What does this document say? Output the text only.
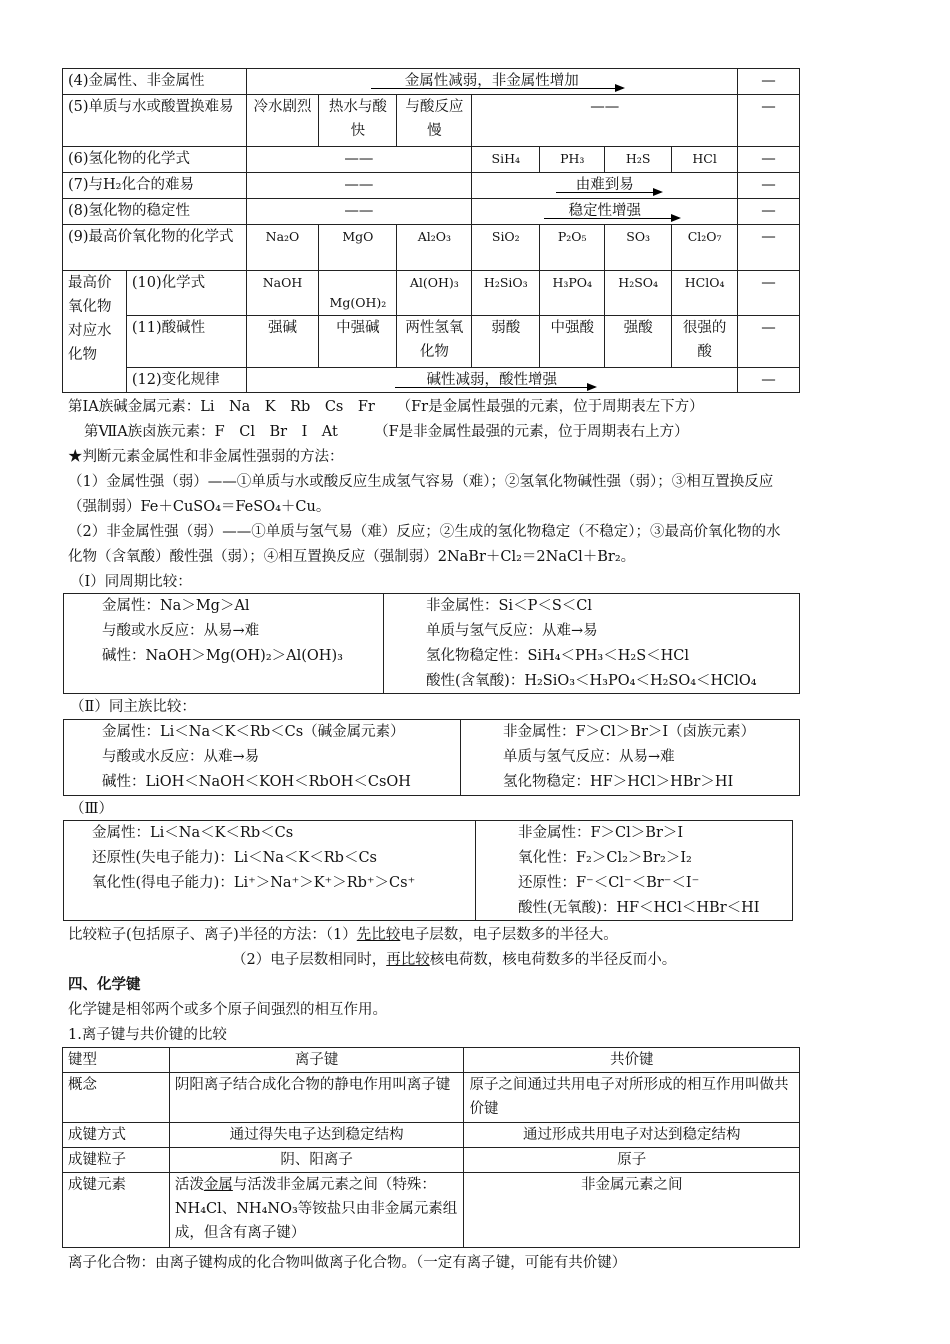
(4)金属性、非金属性		金属性减弱，非金属性增加							—
(5)单质与水或酸置换难易		冷水剧烈	热水与酸快	与酸反应慢	——				—
(6)氢化物的化学式		——			SiH₄	PH₃	H₂S	HCl	—
(7)与H₂化合的难易		——			由难到易				—
(8)氢化物的稳定性		——			稳定性增强				—
(9)最高价氧化物的化学式		Na₂O	MgO	Al₂O₃	SiO₂	P₂O₅	SO₃	Cl₂O₇	—
最高价氧化物对应水化物	(10)化学式	NaOH	Mg(OH)₂	Al(OH)₃	H₂SiO₃	H₃PO₄	H₂SO₄	HClO₄	—
	(11)酸碱性	强碱	中强碱	两性氢氧化物	弱酸	中强酸	强酸	很强的酸	—
	(12)变化规律	碱性减弱，酸性增强							—
第ⅠA族碱金属元素：Li　Na　K　Rb　Cs　Fr　　（Fr是金属性最强的元素，位于周期表左下方）
第ⅦA族卤族元素：F　Cl　Br　I　At　　　（F是非金属性最强的元素，位于周期表右上方）
★判断元素金属性和非金属性强弱的方法：
（1）金属性强（弱）——①单质与水或酸反应生成氢气容易（难）；②氢氧化物碱性强（弱）；③相互置换反应
（强制弱）Fe＋CuSO₄＝FeSO₄＋Cu。
（2）非金属性强（弱）——①单质与氢气易（难）反应；②生成的氢化物稳定（不稳定）；③最高价氧化物的水
化物（含氧酸）酸性强（弱）；④相互置换反应（强制弱）2NaBr＋Cl₂＝2NaCl＋Br₂。
（Ⅰ）同周期比较：
金属性：Na＞Mg＞Al
与酸或水反应：从易→难
碱性：NaOH＞Mg(OH)₂＞Al(OH)₃
非金属性：Si＜P＜S＜Cl
单质与氢气反应：从难→易
氢化物稳定性：SiH₄＜PH₃＜H₂S＜HCl
酸性(含氧酸)：H₂SiO₃＜H₃PO₄＜H₂SO₄＜HClO₄
（Ⅱ）同主族比较：
金属性：Li＜Na＜K＜Rb＜Cs（碱金属元素）
与酸或水反应：从难→易
碱性：LiOH＜NaOH＜KOH＜RbOH＜CsOH
非金属性：F＞Cl＞Br＞I（卤族元素）
单质与氢气反应：从易→难
氢化物稳定：HF＞HCl＞HBr＞HI
（Ⅲ）
金属性：Li＜Na＜K＜Rb＜Cs
还原性(失电子能力)：Li＜Na＜K＜Rb＜Cs
氧化性(得电子能力)：Li⁺＞Na⁺＞K⁺＞Rb⁺＞Cs⁺
非金属性：F＞Cl＞Br＞I
氧化性：F₂＞Cl₂＞Br₂＞I₂
还原性：F⁻＜Cl⁻＜Br⁻＜I⁻
酸性(无氧酸)：HF＜HCl＜HBr＜HI
比较粒子(包括原子、离子)半径的方法：（1）先比较电子层数，电子层数多的半径大。
（2）电子层数相同时，再比较核电荷数，核电荷数多的半径反而小。
四、化学键
化学键是相邻两个或多个原子间强烈的相互作用。
1.离子键与共价键的比较
键型	离子键	共价键
概念	阴阳离子结合成化合物的静电作用叫离子键	原子之间通过共用电子对所形成的相互作用叫做共价键
成键方式	通过得失电子达到稳定结构	通过形成共用电子对达到稳定结构
成键粒子	阴、阳离子	原子
成键元素	活泼金属与活泼非金属元素之间（特殊：NH₄Cl、NH₄NO₃等铵盐只由非金属元素组成，但含有离子键）	非金属元素之间
离子化合物：由离子键构成的化合物叫做离子化合物。（一定有离子键，可能有共价键）
